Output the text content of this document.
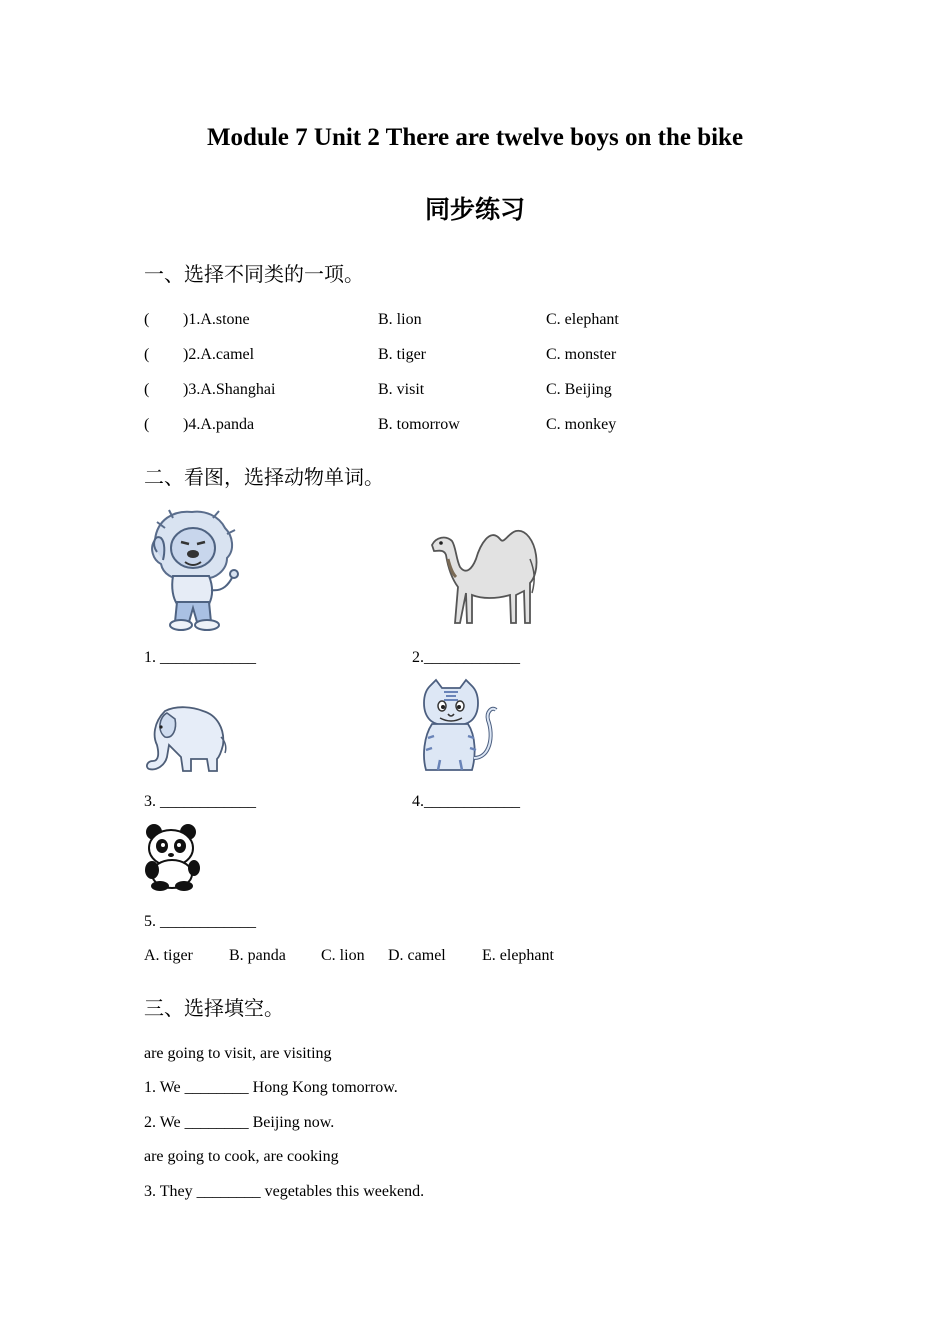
Module 7 Unit 2 There are twelve boys on the bike
同步练习
一、选择不同类的一项。
( )1.A.stone	B. lion	C. elephant
( )2.A.camel	B. tiger	C. monster
( )3.A.Shanghai	B. visit	C. Beijing
( )4.A.panda	B. tomorrow	C. monkey
二、看图，选择动物单词。
1. ____________	2.____________
3. ____________	4.____________
5. ____________
A. tiger B. panda C. lion D. camel E. elephant
三、选择填空。
are going to visit, are visiting
1. We ________ Hong Kong tomorrow.
2. We ________ Beijing now.
are going to cook, are cooking
3. They ________ vegetables this weekend.
